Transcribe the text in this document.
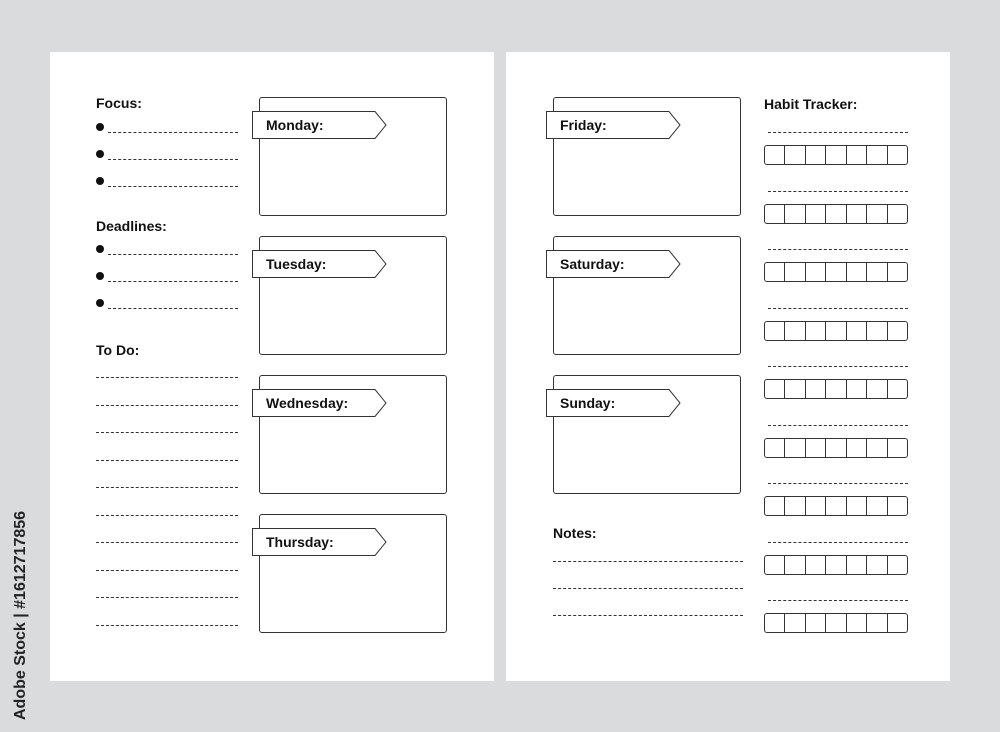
Focus:
Deadlines:
To Do:
Monday:
Tuesday:
Wednesday:
Thursday:
Friday:
Saturday:
Sunday:
Notes:
Habit Tracker:
Adobe Stock | #1612717856
